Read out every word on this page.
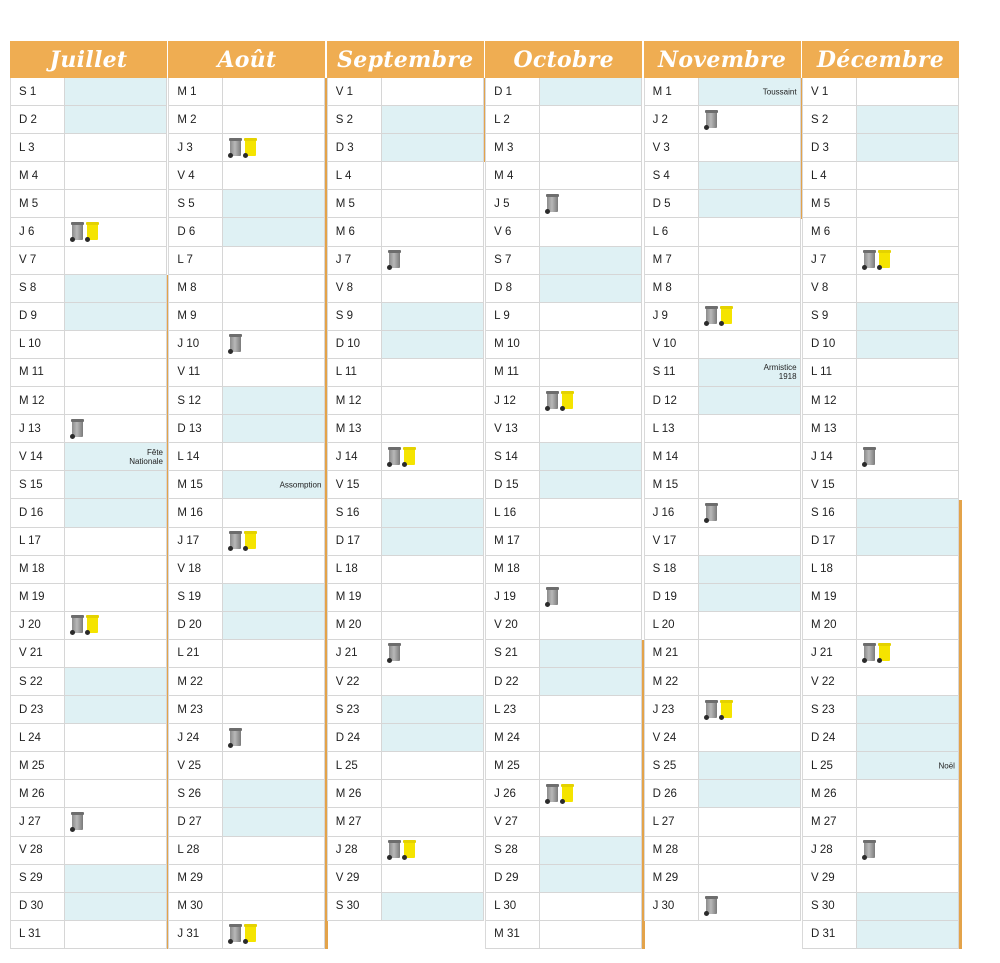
Juillet
S 1
D 2
L 3
M 4
M 5
J 6
V 7
S 8
D 9
L 10
M 11
M 12
J 13
V 14	Fête Nationale
S 15
D 16
L 17
M 18
M 19
J 20
V 21
S 22
D 23
L 24
M 25
M 26
J 27
V 28
S 29
D 30
L 31
Août
M 1
M 2
J 3
V 4
S 5
D 6
L 7
M 8
M 9
J 10
V 11
S 12
D 13
L 14
M 15	Assomption
M 16
J 17
V 18
S 19
D 20
L 21
M 22
M 23
J 24
V 25
S 26
D 27
L 28
M 29
M 30
J 31
Septembre
V 1
S 2
D 3
L 4
M 5
M 6
J 7
V 8
S 9
D 10
L 11
M 12
M 13
J 14
V 15
S 16
D 17
L 18
M 19
M 20
J 21
V 22
S 23
D 24
L 25
M 26
M 27
J 28
V 29
S 30
Octobre
D 1
L 2
M 3
M 4
J 5
V 6
S 7
D 8
L 9
M 10
M 11
J 12
V 13
S 14
D 15
L 16
M 17
M 18
J 19
V 20
S 21
D 22
L 23
M 24
M 25
J 26
V 27
S 28
D 29
L 30
M 31
Novembre
M 1	Toussaint
J 2
V 3
S 4
D 5
L 6
M 7
M 8
J 9
V 10
S 11	Armistice 1918
D 12
L 13
M 14
M 15
J 16
V 17
S 18
D 19
L 20
M 21
M 22
J 23
V 24
S 25
D 26
L 27
M 28
M 29
J 30
Décembre
V 1
S 2
D 3
L 4
M 5
M 6
J 7
V 8
S 9
D 10
L 11
M 12
M 13
J 14
V 15
S 16
D 17
L 18
M 19
M 20
J 21
V 22
S 23
D 24
L 25	Noël
M 26
M 27
J 28
V 29
S 30
D 31
